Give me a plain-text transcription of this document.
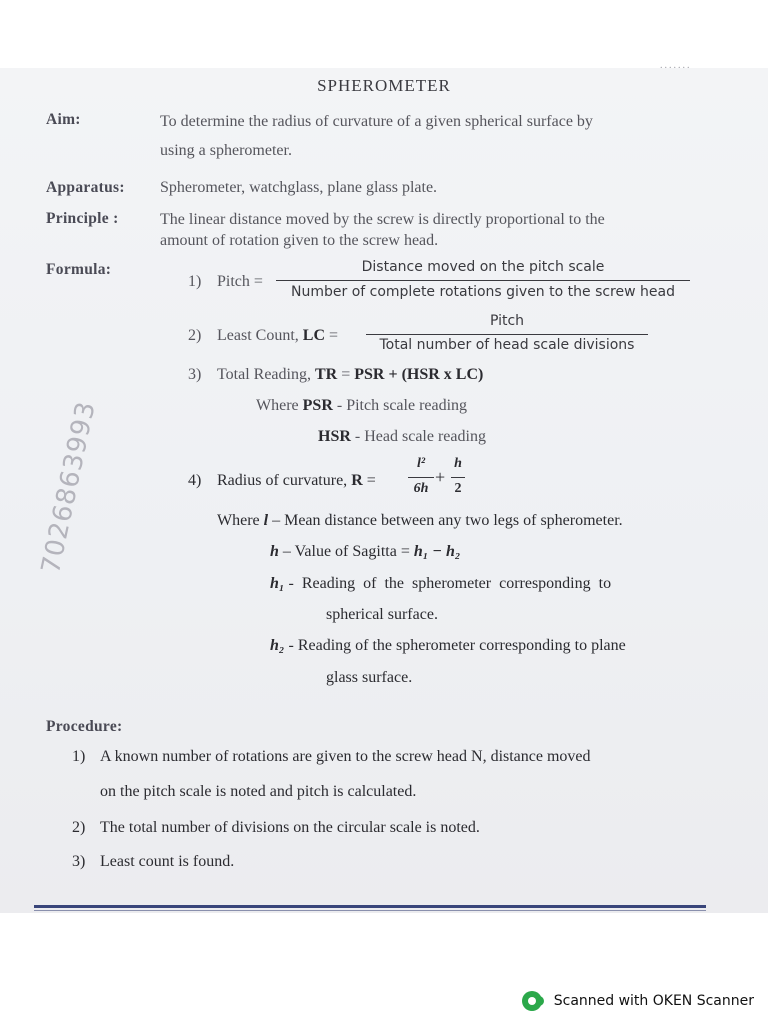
.......
SPHEROMETER
Aim:	To determine the radius of curvature of a given spherical surface by
using a spherometer.
Apparatus: Spherometer, watchglass, plane glass plate.
Principle :	The linear distance moved by the screw is directly proportional to the
amount of rotation given to the screw head.
Formula:
1) Pitch =
Distance moved on the pitch scale
Number of complete rotations given to the screw head
2) Least Count, LC =
Pitch
Total number of head scale divisions
3) Total Reading, TR = PSR + (HSR x LC)
Where PSR - Pitch scale reading
HSR - Head scale reading
4) Radius of curvature, R =
l²
6h
+
h
2
Where l – Mean distance between any two legs of spherometer.
h – Value of Sagitta = h₁ − h₂
h₁ -  Reading  of  the  spherometer  corresponding  to
spherical surface.
h₂ - Reading of the spherometer corresponding to plane
glass surface.
7026863993
Procedure:
1) A known number of rotations are given to the screw head N, distance moved
on the pitch scale is noted and pitch is calculated.
2) The total number of divisions on the circular scale is noted.
3) Least count is found.
Scanned with OKEN Scanner
